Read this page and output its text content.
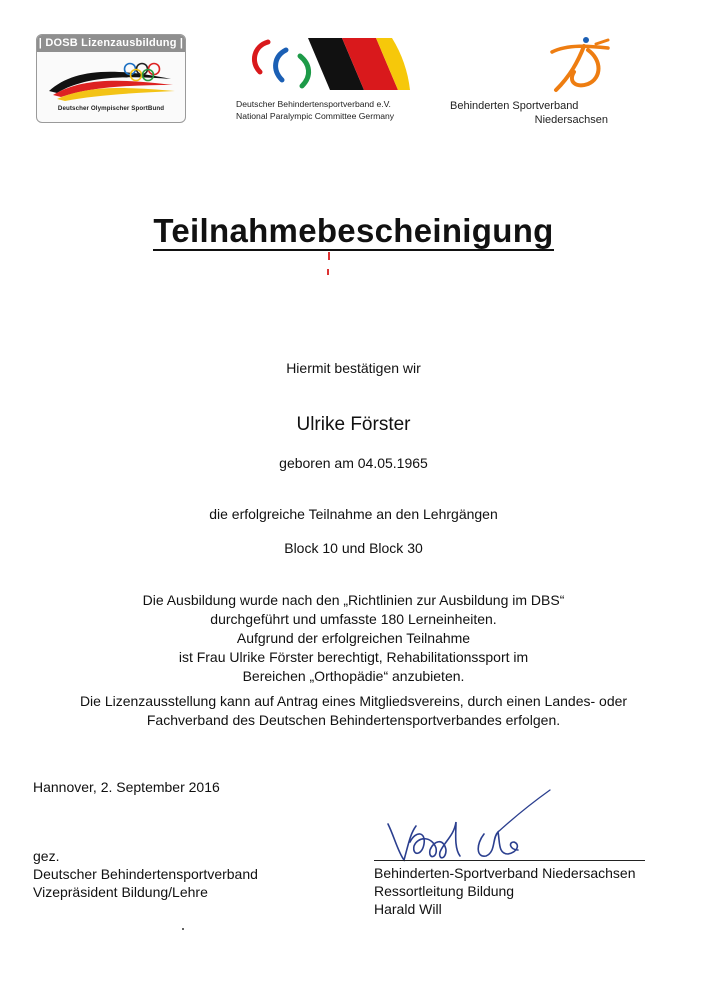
| DOSB Lizenzausbildung |
Deutscher Olympischer SportBund	Deutscher Behindertensportverband e.V.
National Paralympic Committee Germany
Behinderten Sportverband
Niedersachsen
Teilnahmebescheinigung
Hiermit bestätigen wir
Ulrike Förster
geboren am 04.05.1965
die erfolgreiche Teilnahme an den Lehrgängen
Block 10 und Block 30
Die Ausbildung wurde nach den „Richtlinien zur Ausbildung im DBS“
durchgeführt und umfasste 180 Lerneinheiten.
Aufgrund der erfolgreichen Teilnahme
ist Frau Ulrike Förster berechtigt, Rehabilitationssport im
Bereichen „Orthopädie“ anzubieten.
Die Lizenzausstellung kann auf Antrag eines Mitgliedsvereins, durch einen Landes- oder
Fachverband des Deutschen Behindertensportverbandes erfolgen.
Hannover, 2. September 2016
gez.
Deutscher Behindertensportverband
Vizepräsident Bildung/Lehre
Behinderten-Sportverband Niedersachsen
Ressortleitung Bildung
Harald Will
